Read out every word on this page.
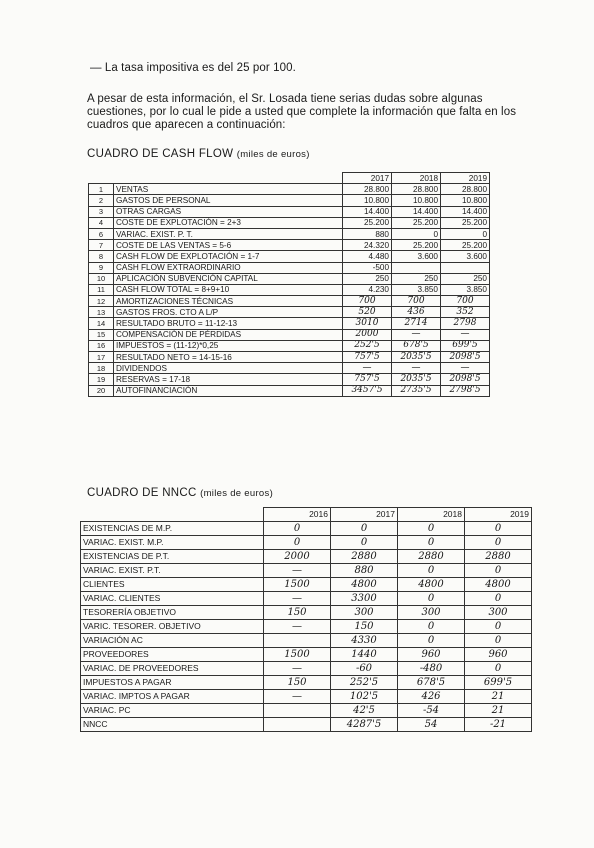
— La tasa impositiva es del 25 por 100.
A pesar de esta información, el Sr. Losada tiene serias dudas sobre algunas cuestiones, por lo cual le pide a usted que complete la información que falta en los cuadros que aparecen a continuación:
CUADRO DE CASH FLOW (miles de euros)
		2017	2018	2019
1	VENTAS	28.800	28.800	28.800
2	GASTOS DE PERSONAL	10.800	10.800	10.800
3	OTRAS CARGAS	14.400	14.400	14.400
4	COSTE DE EXPLOTACIÓN = 2+3	25.200	25.200	25.200
6	VARIAC. EXIST. P. T.	880	0	0
7	COSTE DE LAS VENTAS = 5-6	24.320	25.200	25.200
8	CASH FLOW DE EXPLOTACIÓN = 1-7	4.480	3.600	3.600
9	CASH FLOW EXTRAORDINARIO	-500		
10	APLICACIÓN SUBVENCIÓN CAPITAL	250	250	250
11	CASH FLOW TOTAL = 8+9+10	4.230	3.850	3.850
12	AMORTIZACIONES TÉCNICAS	700	700	700
13	GASTOS FROS. CTO A L/P	520	436	352
14	RESULTADO BRUTO = 11-12-13	3010	2714	2798
15	COMPENSACIÓN DE PÉRDIDAS	2000	—	—
16	IMPUESTOS = (11-12)*0,25	252'5	678'5	699'5
17	RESULTADO NETO = 14-15-16	757'5	2035'5	2098'5
18	DIVIDENDOS	—	—	—
19	RESERVAS = 17-18	757'5	2035'5	2098'5
20	AUTOFINANCIACIÓN	3457'5	2735'5	2798'5
CUADRO DE NNCC (miles de euros)
	2016	2017	2018	2019
EXISTENCIAS DE M.P.	0	0	0	0
VARIAC. EXIST. M.P.	0	0	0	0
EXISTENCIAS DE P.T.	2000	2880	2880	2880
VARIAC. EXIST. P.T.	—	880	0	0
CLIENTES	1500	4800	4800	4800
VARIAC. CLIENTES	—	3300	0	0
TESORERÍA OBJETIVO	150	300	300	300
VARIC. TESORER. OBJETIVO	—	150	0	0
VARIACIÓN AC		4330	0	0
PROVEEDORES	1500	1440	960	960
VARIAC. DE PROVEEDORES	—	-60	-480	0
IMPUESTOS A PAGAR	150	252'5	678'5	699'5
VARIAC. IMPTOS A PAGAR	—	102'5	426	21
VARIAC. PC		42'5	-54	21
NNCC		4287'5	54	-21
